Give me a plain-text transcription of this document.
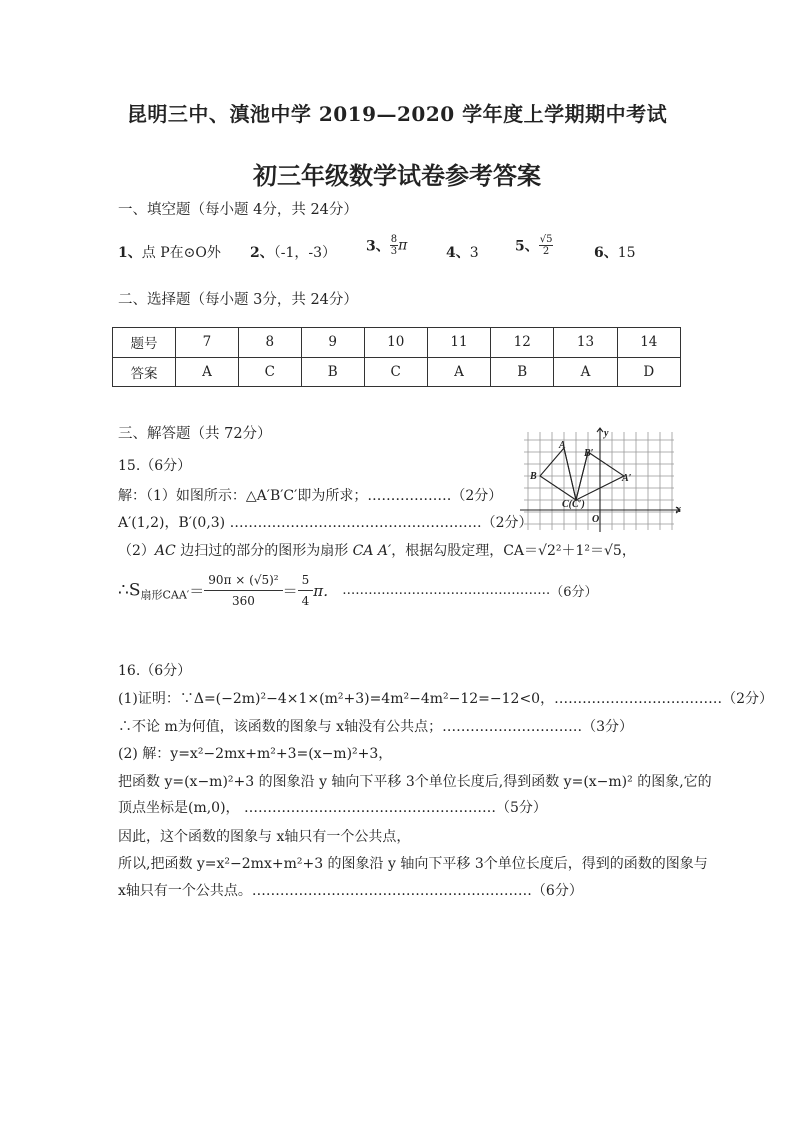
昆明三中、滇池中学 2019—2020 学年度上学期期中考试
初三年级数学试卷参考答案
一、填空题（每小题 4分，共 24分）
1、点 P在⊙O外 2、（-1，-3） 3、 $\frac{8}{3}$ π	4、3	5、 $\frac{√5}{2}$	6、15
二、选择题（每小题 3分，共 24分）
题号	7	8	9	10	11	12	13	14
答案	A	C	B	C	A	B	A	D
三、解答题（共 72分）
15.（6分）
解：（1）如图所示：△A′B′C′即为所求；………………（2分）
A′(1,2)，B′(0,3) ………………………………………………（2分）
（2）AC 边扫过的部分的图形为扇形 CA A′，根据勾股定理，CA＝√2²＋1²＝√5，
$\therefore S_{扇形CAA'}= \frac{\text{90π × (√5)²}}{360} = \frac{5}{4}$ π． …………………………………………（6分）
A
B
B′
A′
C(C′)
O
x
y
16.（6分）
(1)证明：∵Δ=(−2m)²−4×1×(m²+3)=4m²−4m²−12=−12<0，………………………………（2分）
∴不论 m为何值，该函数的图象与 x轴没有公共点；…………………………（3分）
(2) 解：y=x²−2mx+m²+3=(x−m)²+3，
把函数 y=(x−m)²+3 的图象沿 y 轴向下平移 3个单位长度后,得到函数 y=(x−m)² 的图象,它的
顶点坐标是(m,0)， ………………………………………………（5分）
因此，这个函数的图象与 x轴只有一个公共点，
所以,把函数 y=x²−2mx+m²+3 的图象沿 y 轴向下平移 3个单位长度后，得到的函数的图象与
x轴只有一个公共点。……………………………………………………（6分）
